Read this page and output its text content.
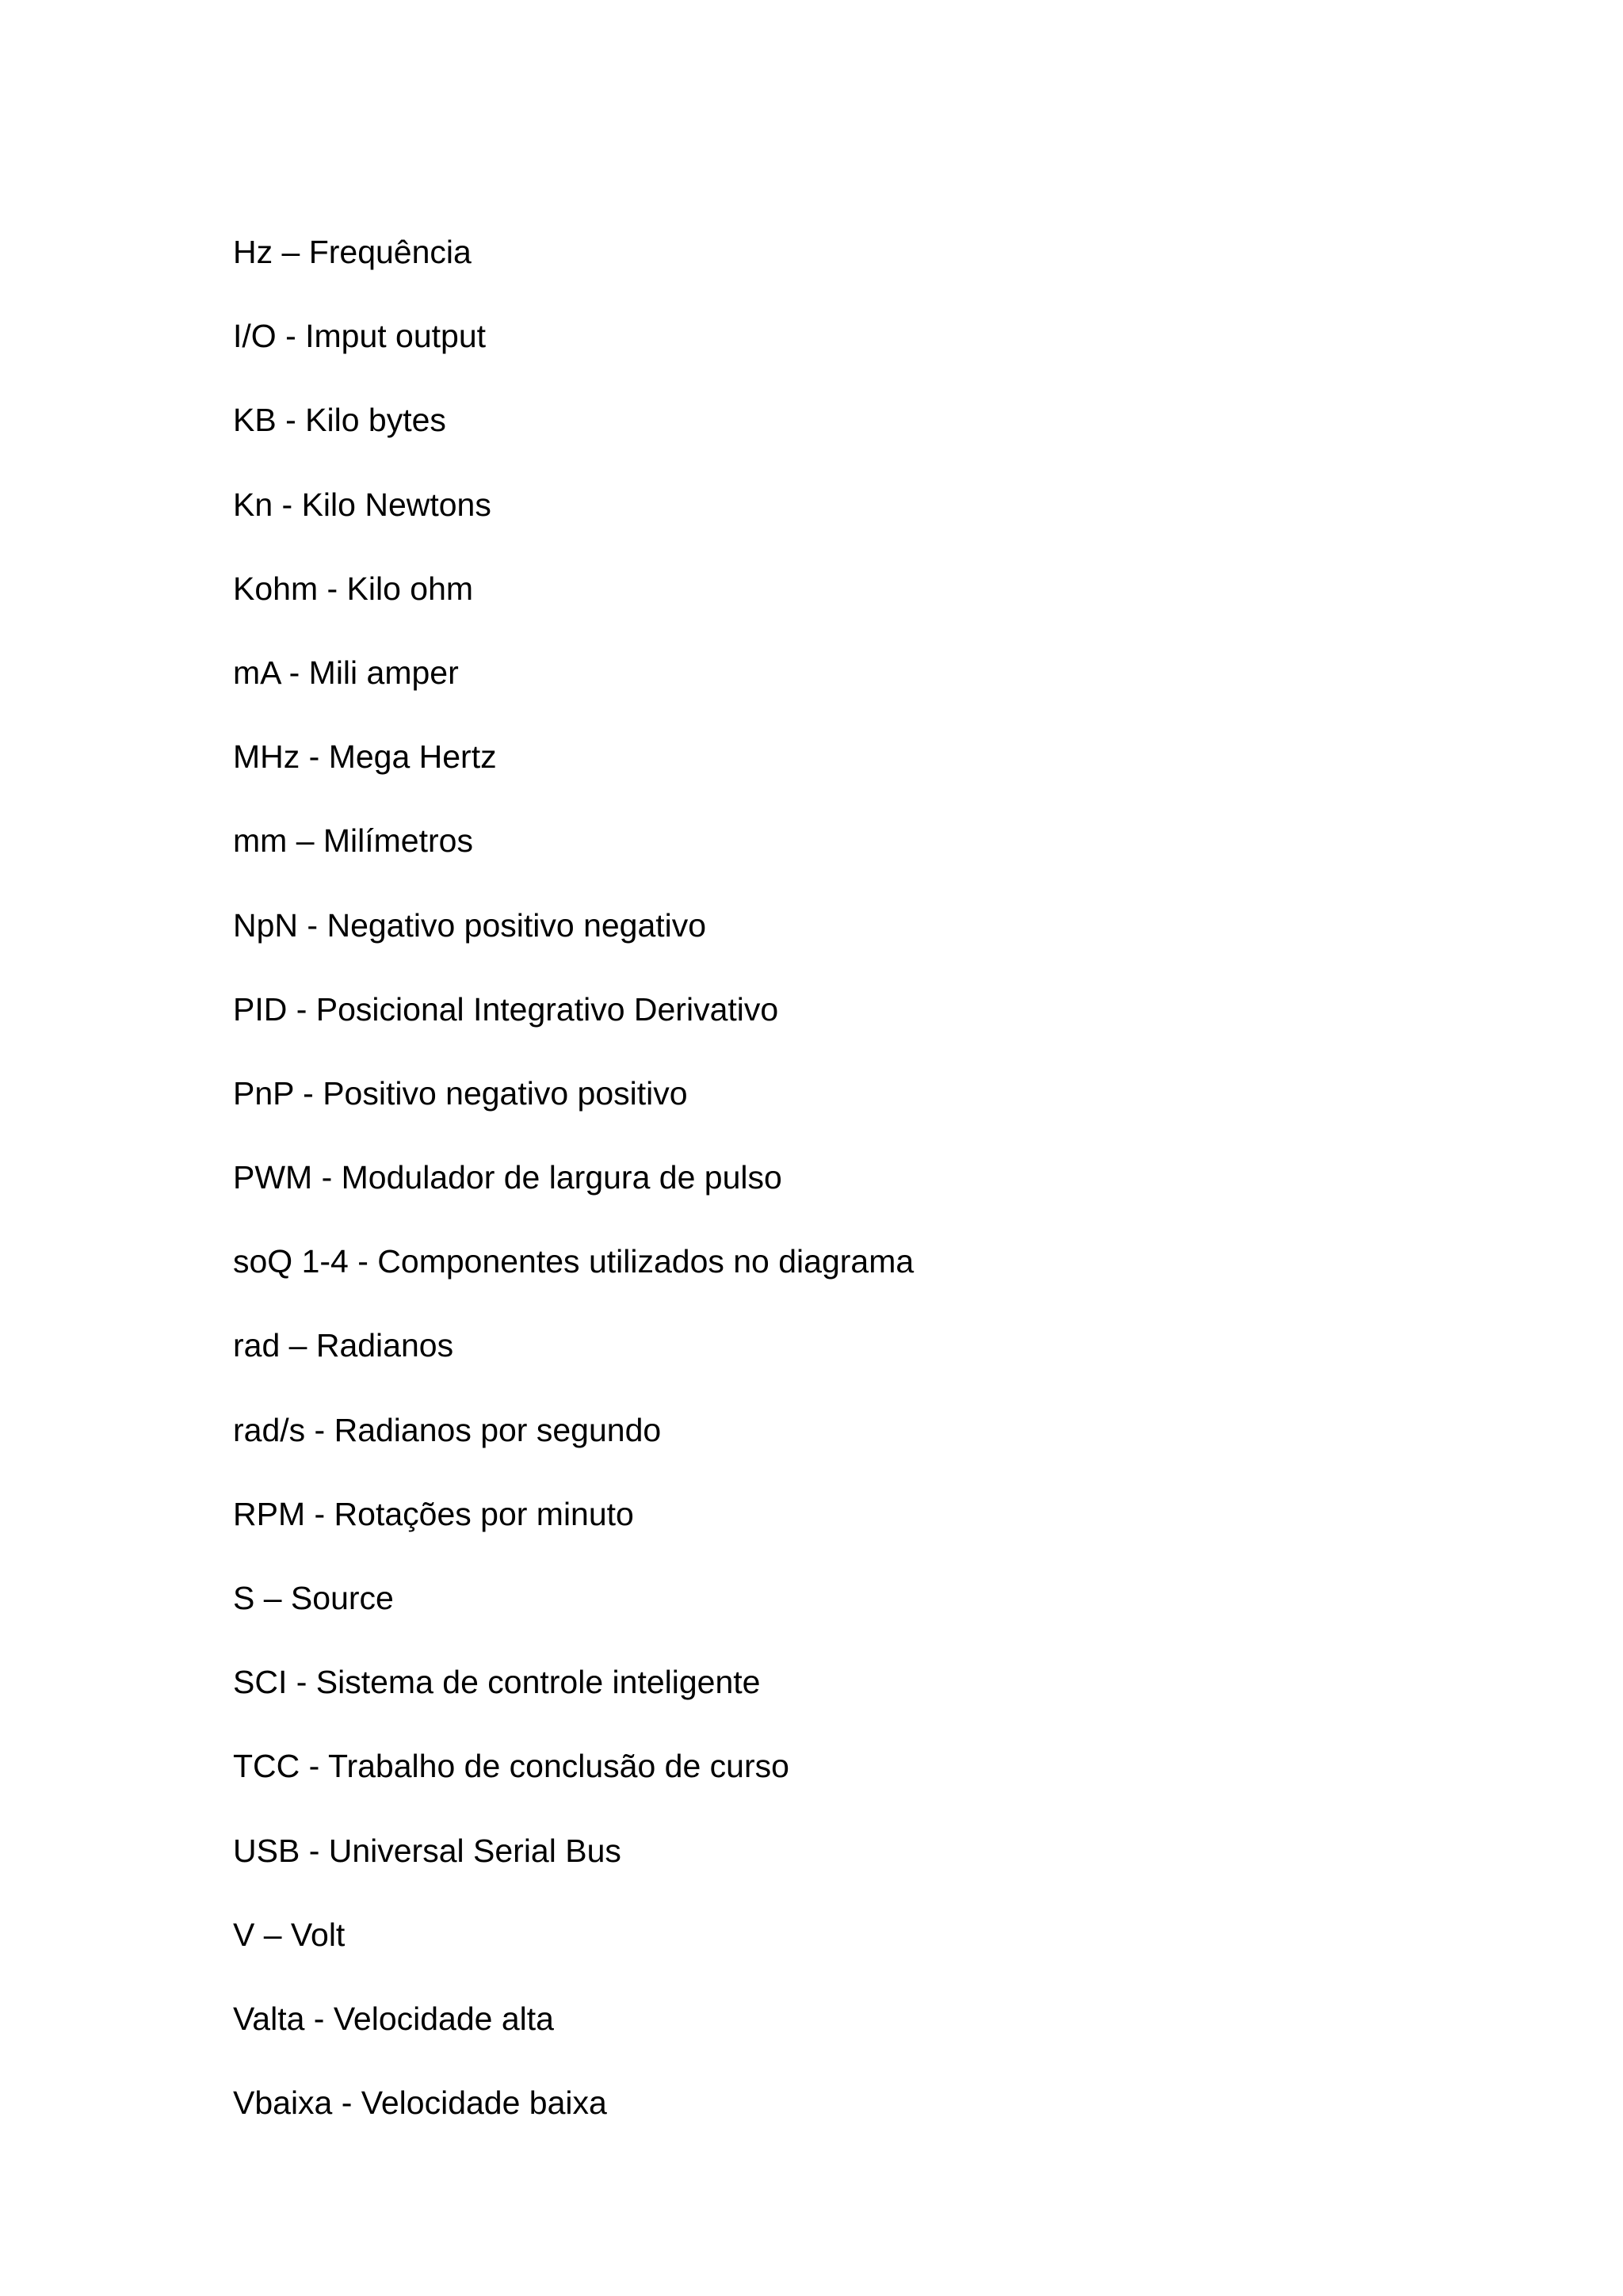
Hz – Frequência
I/O - Imput output
KB - Kilo bytes
Kn - Kilo Newtons
Kohm - Kilo ohm
mA - Mili amper
MHz - Mega Hertz
mm – Milímetros
NpN - Negativo positivo negativo
PID - Posicional Integrativo Derivativo
PnP - Positivo negativo positivo
PWM - Modulador de largura de pulso
soQ 1-4 - Componentes utilizados no diagrama
rad – Radianos
rad/s - Radianos por segundo
RPM - Rotações por minuto
S – Source
SCI - Sistema de controle inteligente
TCC - Trabalho de conclusão de curso
USB - Universal Serial Bus
V – Volt
Valta - Velocidade alta
Vbaixa - Velocidade baixa
